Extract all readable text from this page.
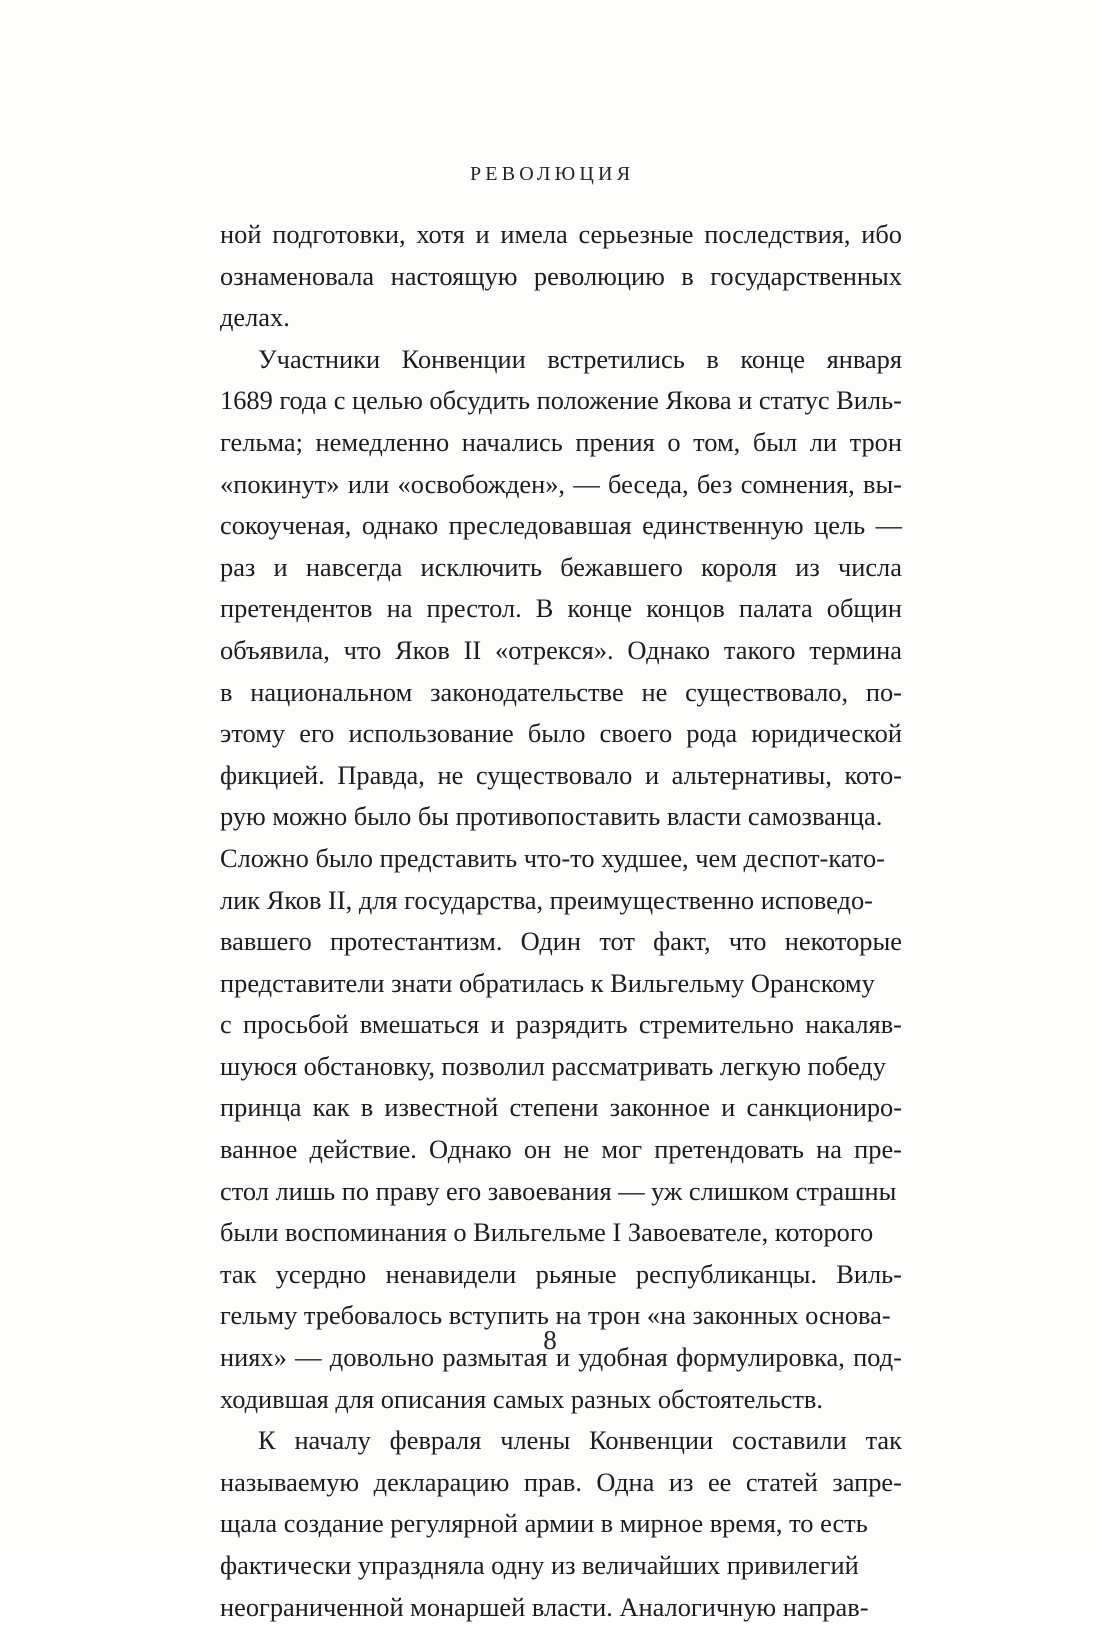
РЕВОЛЮЦИЯ

ной подготовки, хотя и имела серьезные последствия, ибо
ознаменовала настоящую революцию в государственных
делах.

Участники Конвенции встретились в конце января
1689 года с целью обсудить положение Якова и статус Виль-
гельма; немедленно начались прения о том, был ли трон
«покинут» или «освобожден», — беседа, без сомнения, вы-
сокоученая, однако преследовавшая единственную цель —
раз и навсегда исключить бежавшего короля из числа
претендентов на престол. В конце концов палата общин
объявила, что Яков II «отрекся». Однако такого термина
в национальном законодательстве не существовало, по-
этому его использование было своего рода юридической
фикцией. Правда, не существовало и альтернативы, кото-
рую можно было бы противопоставить власти самозванца.
Сложно было представить что-то худшее, чем деспот-като-
лик Яков II, для государства, преимущественно исповедо-
вавшего протестантизм. Один тот факт, что некоторые
представители знати обратилась к Вильгельму Оранскому
с просьбой вмешаться и разрядить стремительно накаляв-
шуюся обстановку, позволил рассматривать легкую победу
принца как в известной степени законное и санкциониро-
ванное действие. Однако он не мог претендовать на пре-
стол лишь по праву его завоевания — уж слишком страшны
были воспоминания о Вильгельме I Завоевателе, которого
так усердно ненавидели рьяные республиканцы. Виль-
гельму требовалось вступить на трон «на законных основа-
ниях» — довольно размытая и удобная формулировка, под-
ходившая для описания самых разных обстоятельств.

К началу февраля члены Конвенции составили так
называемую декларацию прав. Одна из ее статей запре-
щала создание регулярной армии в мирное время, то есть
фактически упраздняла одну из величайших привилегий
неограниченной монаршей власти. Аналогичную направ-

8
